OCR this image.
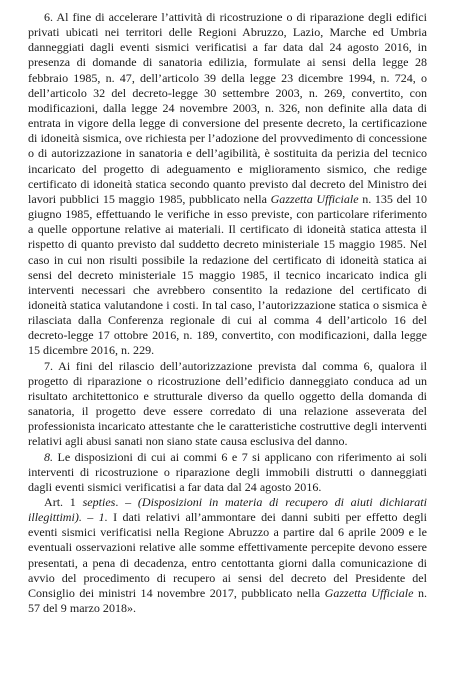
6. Al fine di accelerare l’attività di ricostruzione o di riparazione degli edifici privati ubicati nei territori delle Regioni Abruzzo, Lazio, Marche ed Umbria danneggiati dagli eventi sismici verificatisi a far data dal 24 agosto 2016, in presenza di domande di sanatoria edilizia, formulate ai sensi della legge 28 febbraio 1985, n. 47, dell’articolo 39 della legge 23 dicembre 1994, n. 724, o dell’articolo 32 del decreto-legge 30 settembre 2003, n. 269, convertito, con modificazioni, dalla legge 24 novembre 2003, n. 326, non definite alla data di entrata in vigore della legge di conversione del presente decreto, la certificazione di idoneità sismica, ove richiesta per l’adozione del provvedimento di concessione o di autorizzazione in sanatoria e dell’agibilità, è sostituita da perizia del tecnico incaricato del progetto di adeguamento e miglioramento sismico, che redige certificato di idoneità statica secondo quanto previsto dal decreto del Ministro dei lavori pubblici 15 maggio 1985, pubblicato nella Gazzetta Ufficiale n. 135 del 10 giugno 1985, effettuando le verifiche in esso previste, con particolare riferimento a quelle opportune relative ai materiali. Il certificato di idoneità statica attesta il rispetto di quanto previsto dal suddetto decreto ministeriale 15 maggio 1985. Nel caso in cui non risulti possibile la redazione del certificato di idoneità statica ai sensi del decreto ministeriale 15 maggio 1985, il tecnico incaricato indica gli interventi necessari che avrebbero consentito la redazione del certificato di idoneità statica valutandone i costi. In tal caso, l’autorizzazione statica o sismica è rilasciata dalla Conferenza regionale di cui al comma 4 dell’articolo 16 del decreto-legge 17 ottobre 2016, n. 189, convertito, con modificazioni, dalla legge 15 dicembre 2016, n. 229.

7. Ai fini del rilascio dell’autorizzazione prevista dal comma 6, qualora il progetto di riparazione o ricostruzione dell’edificio danneggiato conduca ad un risultato architettonico e strutturale diverso da quello oggetto della domanda di sanatoria, il progetto deve essere corredato di una relazione asseverata del professionista incaricato attestante che le caratteristiche costruttive degli interventi relativi agli abusi sanati non siano state causa esclusiva del danno.

8. Le disposizioni di cui ai commi 6 e 7 si applicano con riferimento ai soli interventi di ricostruzione o riparazione degli immobili distrutti o danneggiati dagli eventi sismici verificatisi a far data dal 24 agosto 2016.

Art. 1 septies. – (Disposizioni in materia di recupero di aiuti dichiarati illegittimi). – 1. I dati relativi all’ammontare dei danni subiti per effetto degli eventi sismici verificatisi nella Regione Abruzzo a partire dal 6 aprile 2009 e le eventuali osservazioni relative alle somme effettivamente percepite devono essere presentati, a pena di decadenza, entro centottanta giorni dalla comunicazione di avvio del procedimento di recupero ai sensi del decreto del Presidente del Consiglio dei ministri 14 novembre 2017, pubblicato nella Gazzetta Ufficiale n. 57 del 9 marzo 2018».
